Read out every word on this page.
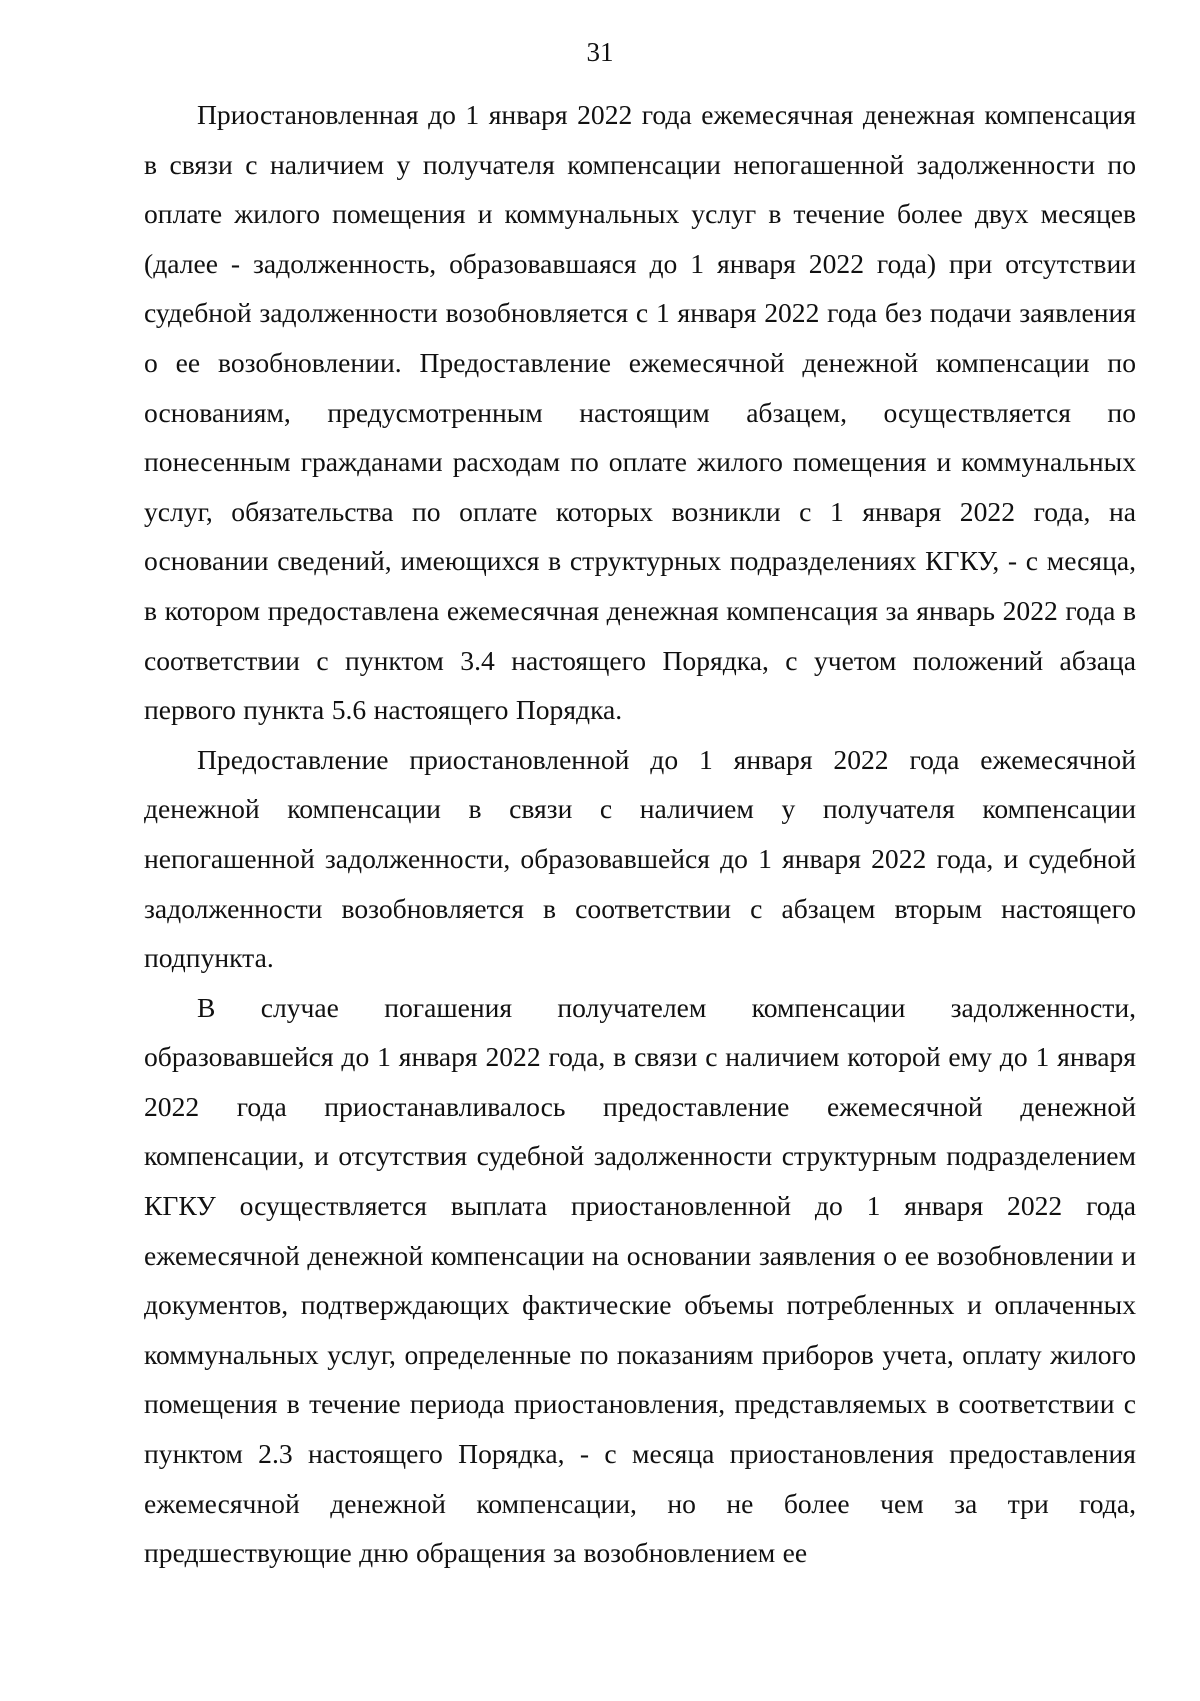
31

Приостановленная до 1 января 2022 года ежемесячная денежная компенсация в связи с наличием у получателя компенсации непогашенной задолженности по оплате жилого помещения и коммунальных услуг в течение более двух месяцев (далее - задолженность, образовавшаяся до 1 января 2022 года) при отсутствии судебной задолженности возобновляется с 1 января 2022 года без подачи заявления о ее возобновлении. Предоставление ежемесячной денежной компенсации по основаниям, предусмотренным настоящим абзацем, осуществляется по понесенным гражданами расходам по оплате жилого помещения и коммунальных услуг, обязательства по оплате которых возникли с 1 января 2022 года, на основании сведений, имеющихся в структурных подразделениях КГКУ, - с месяца, в котором предоставлена ежемесячная денежная компенсация за январь 2022 года в соответствии с пунктом 3.4 настоящего Порядка, с учетом положений абзаца первого пункта 5.6 настоящего Порядка.

Предоставление приостановленной до 1 января 2022 года ежемесячной денежной компенсации в связи с наличием у получателя компенсации непогашенной задолженности, образовавшейся до 1 января 2022 года, и судебной задолженности возобновляется в соответствии с абзацем вторым настоящего подпункта.

В случае погашения получателем компенсации задолженности, образовавшейся до 1 января 2022 года, в связи с наличием которой ему до 1 января 2022 года приостанавливалось предоставление ежемесячной денежной компенсации, и отсутствия судебной задолженности структурным подразделением КГКУ осуществляется выплата приостановленной до 1 января 2022 года ежемесячной денежной компенсации на основании заявления о ее возобновлении и документов, подтверждающих фактические объемы потребленных и оплаченных коммунальных услуг, определенные по показаниям приборов учета, оплату жилого помещения в течение периода приостановления, представляемых в соответствии с пунктом 2.3 настоящего Порядка, - с месяца приостановления предоставления ежемесячной денежной компенсации, но не более чем за три года, предшествующие дню обращения за возобновлением ее
